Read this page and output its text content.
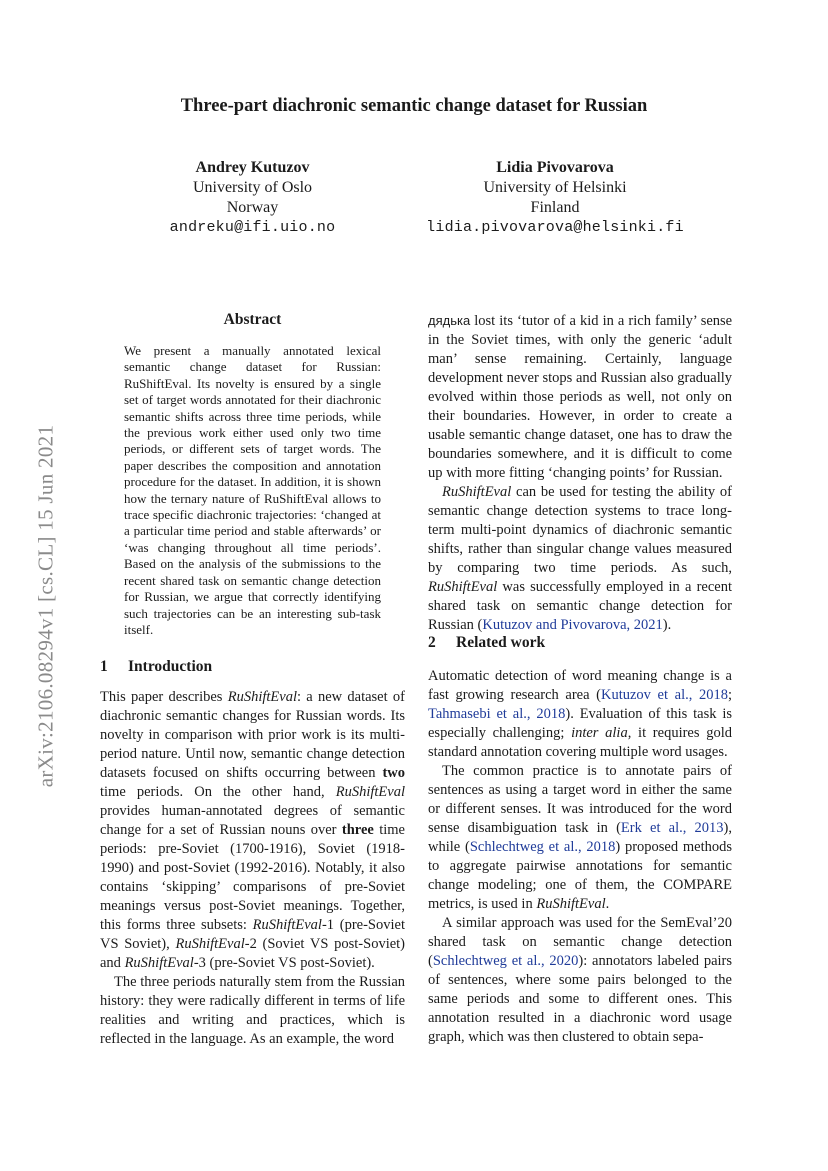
Three-part diachronic semantic change dataset for Russian
Andrey Kutuzov
University of Oslo
Norway
andreku@ifi.uio.no
Lidia Pivovarova
University of Helsinki
Finland
lidia.pivovarova@helsinki.fi
arXiv:2106.08294v1 [cs.CL] 15 Jun 2021
Abstract
We present a manually annotated lexical semantic change dataset for Russian: RuShiftEval. Its novelty is ensured by a single set of target words annotated for their diachronic semantic shifts across three time periods, while the previous work either used only two time periods, or different sets of target words. The paper describes the composition and annotation procedure for the dataset. In addition, it is shown how the ternary nature of RuShiftEval allows to trace specific diachronic trajectories: ‘changed at a particular time period and stable afterwards’ or ‘was changing throughout all time periods’. Based on the analysis of the submissions to the recent shared task on semantic change detection for Russian, we argue that correctly identifying such trajectories can be an interesting sub-task itself.
1 Introduction

This paper describes RuShiftEval: a new dataset of diachronic semantic changes for Russian words. Its novelty in comparison with prior work is its multi-period nature. Until now, semantic change detection datasets focused on shifts occurring between two time periods. On the other hand, RuShiftEval provides human-annotated degrees of semantic change for a set of Russian nouns over three time periods: pre-Soviet (1700-1916), Soviet (1918-1990) and post-Soviet (1992-2016). Notably, it also contains ‘skipping’ comparisons of pre-Soviet meanings versus post-Soviet meanings. Together, this forms three subsets: RuShiftEval-1 (pre-Soviet VS Soviet), RuShiftEval-2 (Soviet VS post-Soviet) and RuShiftEval-3 (pre-Soviet VS post-Soviet).

The three periods naturally stem from the Russian history: they were radically different in terms of life realities and writing and practices, which is reflected in the language. As an example, the word

дядька lost its ‘tutor of a kid in a rich family’ sense in the Soviet times, with only the generic ‘adult man’ sense remaining. Certainly, language development never stops and Russian also gradually evolved within those periods as well, not only on their boundaries. However, in order to create a usable semantic change dataset, one has to draw the boundaries somewhere, and it is difficult to come up with more fitting ‘changing points’ for Russian.

RuShiftEval can be used for testing the ability of semantic change detection systems to trace long-term multi-point dynamics of diachronic semantic shifts, rather than singular change values measured by comparing two time periods. As such, RuShiftEval was successfully employed in a recent shared task on semantic change detection for Russian (Kutuzov and Pivovarova, 2021).

2 Related work

Automatic detection of word meaning change is a fast growing research area (Kutuzov et al., 2018; Tahmasebi et al., 2018). Evaluation of this task is especially challenging; inter alia, it requires gold standard annotation covering multiple word usages.

The common practice is to annotate pairs of sentences as using a target word in either the same or different senses. It was introduced for the word sense disambiguation task in (Erk et al., 2013), while (Schlechtweg et al., 2018) proposed methods to aggregate pairwise annotations for semantic change modeling; one of them, the COMPARE metrics, is used in RuShiftEval.

A similar approach was used for the SemEval’20 shared task on semantic change detection (Schlechtweg et al., 2020): annotators labeled pairs of sentences, where some pairs belonged to the same periods and some to different ones. This annotation resulted in a diachronic word usage graph, which was then clustered to obtain sepa-
